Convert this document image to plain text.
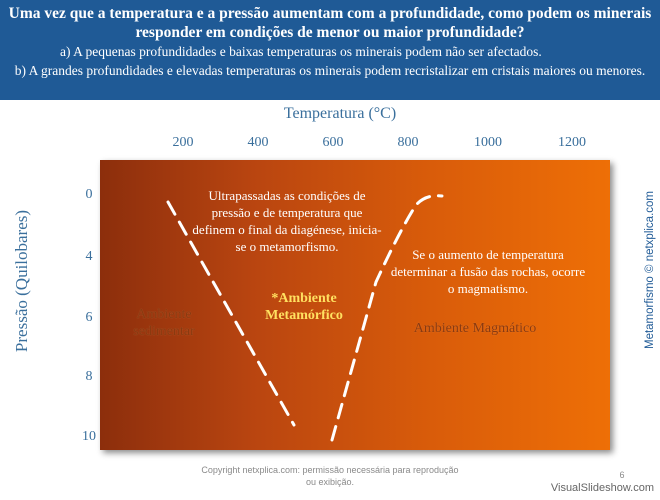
Uma vez que a temperatura e a pressão aumentam com a profundidade, como podem os minerais responder em condições de menor ou maior profundidade?
a) A pequenas profundidades e baixas temperaturas os minerais podem não ser afectados.
b) A grandes profundidades e elevadas temperaturas os minerais podem recristalizar em cristais maiores ou menores.
Temperatura (°C)
200	400	600	800	1000	1200
Pressão (Quilobares)
0
4
6
8
10
Ultrapassadas as condições de pressão e de temperatura que definem o final da diagénese, inicia-se o metamorfismo.
Se o aumento de temperatura determinar a fusão das rochas, ocorre o magmatismo.
Ambiente sedimentar
*Ambiente Metamórfico
Ambiente Magmático	Metamorfismo © netxplica.com
Copyright netxplica.com: permissão necessária para reprodução ou exibição.
6
VisualSlideshow.com
